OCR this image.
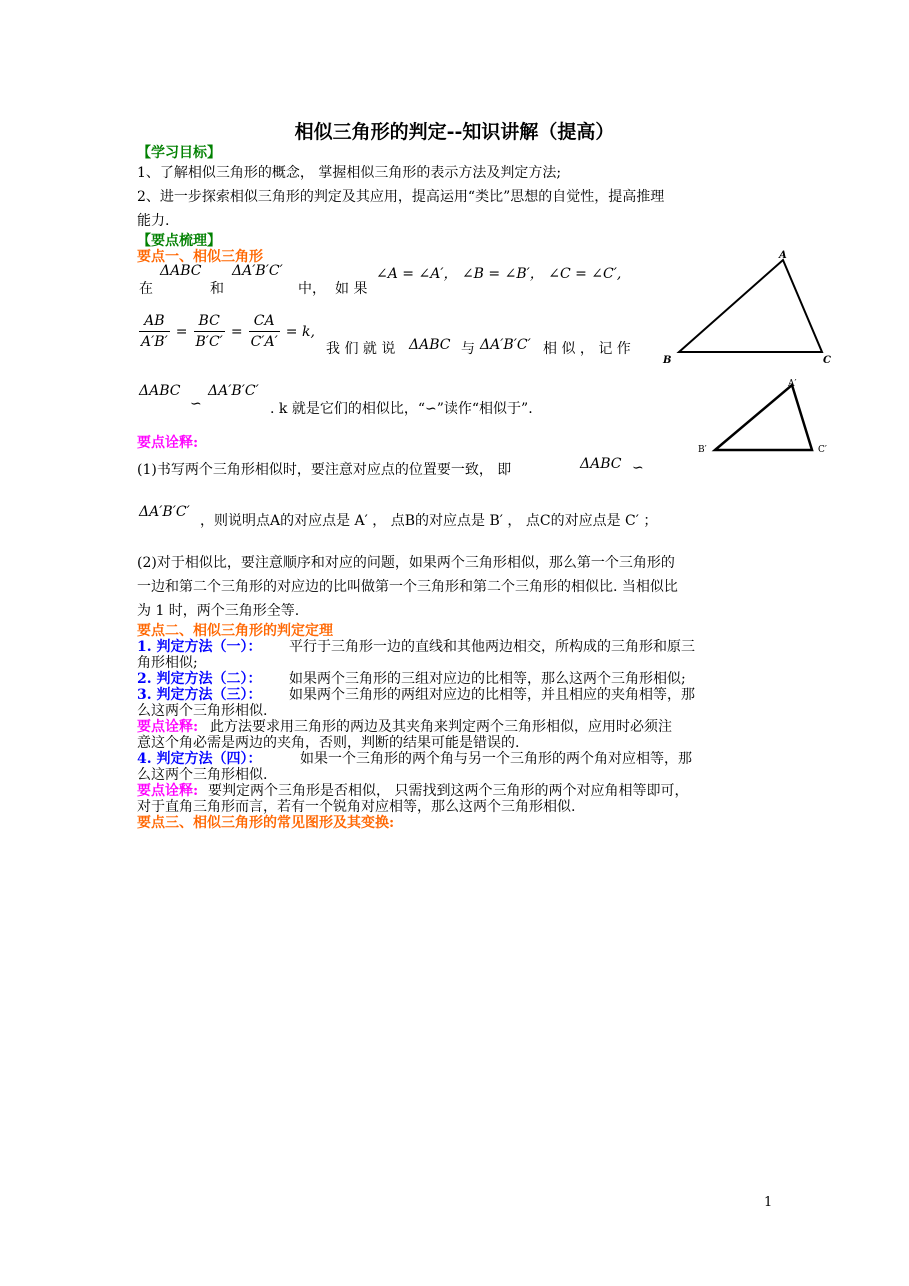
相似三角形的判定--知识讲解（提高）
【学习目标】
1、了解相似三角形的概念， 掌握相似三角形的表示方法及判定方法;
2、进一步探索相似三角形的判定及其应用，提高运用“类比”思想的自觉性，提高推理
能力.
【要点梳理】
要点一、相似三角形
ΔABC ΔA′B′C′
在	和	中， 如 果
∠A = ∠A′， ∠B = ∠B′， ∠C = ∠C′,
$\frac{AB}{A'B'} = \frac{BC}{B'C'} = \frac{CA}{C'A'} = k$,
我 们 就 说 ΔABC 与 ΔA′B′C′ 相 似 ， 记 作
ΔABC
∽
ΔA′B′C′
. k 就是它们的相似比，“∽”读作“相似于”.
要点诠释:
(1)书写两个三角形相似时，要注意对应点的位置要一致， 即	ΔABC ∽
ΔA′B′C′
，则说明点A的对应点是 A′ ， 点B的对应点是 B′ ， 点C的对应点是 C′ ；
(2)对于相似比，要注意顺序和对应的问题，如果两个三角形相似，那么第一个三角形的
一边和第二个三角形的对应边的比叫做第一个三角形和第二个三角形的相似比. 当相似比
为 1 时，两个三角形全等.
要点二、相似三角形的判定定理
1. 判定方法（一）： 平行于三角形一边的直线和其他两边相交，所构成的三角形和原三
角形相似;
2. 判定方法（二）： 如果两个三角形的三组对应边的比相等，那么这两个三角形相似;
3. 判定方法（三）： 如果两个三角形的两组对应边的比相等，并且相应的夹角相等，那
么这两个三角形相似.
要点诠释: 此方法要求用三角形的两边及其夹角来判定两个三角形相似，应用时必须注
意这个角必需是两边的夹角，否则，判断的结果可能是错误的.
4. 判定方法（四）：	如果一个三角形的两个角与另一个三角形的两个角对应相等，那
么这两个三角形相似.
要点诠释: 要判定两个三角形是否相似， 只需找到这两个三角形的两个对应角相等即可，
对于直角三角形而言，若有一个锐角对应相等，那么这两个三角形相似.
要点三、相似三角形的常见图形及其变换:
A
B	C
A′
B′	C′
1
